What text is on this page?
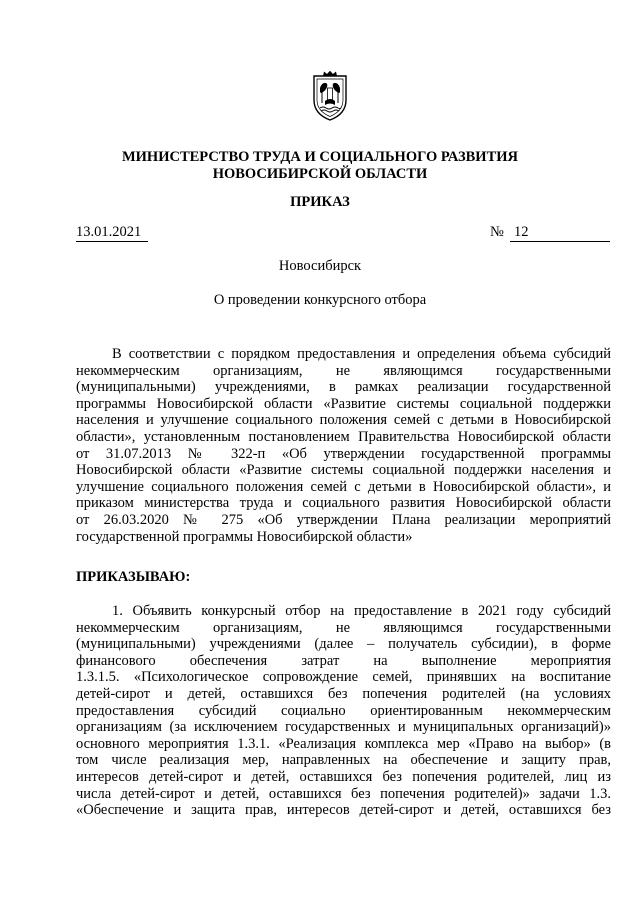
МИНИСТЕРСТВО ТРУДА И СОЦИАЛЬНОГО РАЗВИТИЯ
НОВОСИБИРСКОЙ ОБЛАСТИ
ПРИКАЗ
13.01.2021	№ 12
Новосибирск
О проведении конкурсного отбора
В соответствии с порядком предоставления и определения объема субсидий
некоммерческим организациям, не являющимся государственными
(муниципальными) учреждениями, в рамках реализации государственной
программы Новосибирской области «Развитие системы социальной поддержки
населения и улучшение социального положения семей с детьми в Новосибирской
области», установленным постановлением Правительства Новосибирской области
от 31.07.2013 № 322-п «Об утверждении государственной программы
Новосибирской области «Развитие системы социальной поддержки населения и
улучшение социального положения семей с детьми в Новосибирской области», и
приказом министерства труда и социального развития Новосибирской области
от 26.03.2020 № 275 «Об утверждении Плана реализации мероприятий
государственной программы Новосибирской области»
ПРИКАЗЫВАЮ:
1. Объявить конкурсный отбор на предоставление в 2021 году субсидий
некоммерческим организациям, не являющимся государственными
(муниципальными) учреждениями (далее – получатель субсидии), в форме
финансового обеспечения затрат на выполнение мероприятия
1.3.1.5. «Психологическое сопровождение семей, принявших на воспитание
детей-сирот и детей, оставшихся без попечения родителей (на условиях
предоставления субсидий социально ориентированным некоммерческим
организациям (за исключением государственных и муниципальных организаций)»
основного мероприятия 1.3.1. «Реализация комплекса мер «Право на выбор» (в
том числе реализация мер, направленных на обеспечение и защиту прав,
интересов детей-сирот и детей, оставшихся без попечения родителей, лиц из
числа детей-сирот и детей, оставшихся без попечения родителей)» задачи 1.3.
«Обеспечение и защита прав, интересов детей-сирот и детей, оставшихся без
